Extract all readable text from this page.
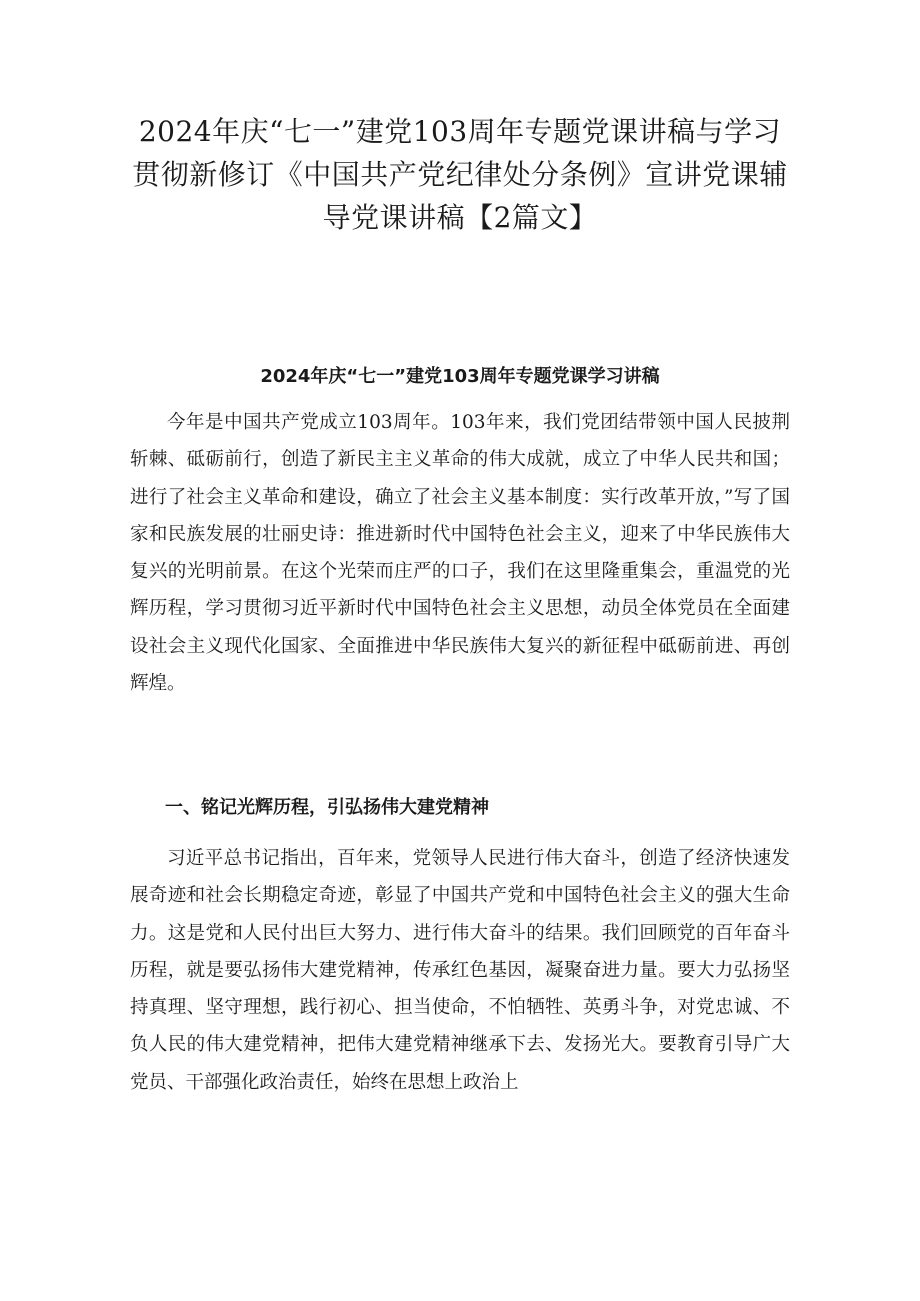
2024年庆“七一”建党103周年专题党课讲稿与学习贯彻新修订《中国共产党纪律处分条例》宣讲党课辅导党课讲稿【2篇文】
2024年庆“七一”建党103周年专题党课学习讲稿

今年是中国共产党成立103周年。103年来，我们党团结带领中国人民披荆斩棘、砥砺前行，创造了新民主主义革命的伟大成就，成立了中华人民共和国；进行了社会主义革命和建设，确立了社会主义基本制度：实行改革开放，”写了国家和民族发展的壮丽史诗：推进新时代中国特色社会主义，迎来了中华民族伟大复兴的光明前景。在这个光荣而庄严的口子，我们在这里隆重集会，重温党的光辉历程，学习贯彻习近平新时代中国特色社会主义思想，动员全体党员在全面建设社会主义现代化国家、全面推进中华民族伟大复兴的新征程中砥砺前进、再创辉煌。

一、铭记光辉历程，引弘扬伟大建党精神

习近平总书记指出，百年来，党领导人民进行伟大奋斗，创造了经济快速发展奇迹和社会长期稳定奇迹，彰显了中国共产党和中国特色社会主义的强大生命力。这是党和人民付出巨大努力、进行伟大奋斗的结果。我们回顾党的百年奋斗历程，就是要弘扬伟大建党精神，传承红色基因，凝聚奋进力量。要大力弘扬坚持真理、坚守理想，践行初心、担当使命，不怕牺牲、英勇斗争，对党忠诚、不负人民的伟大建党精神，把伟大建党精神继承下去、发扬光大。要教育引导广大党员、干部强化政治责任，始终在思想上政治上
